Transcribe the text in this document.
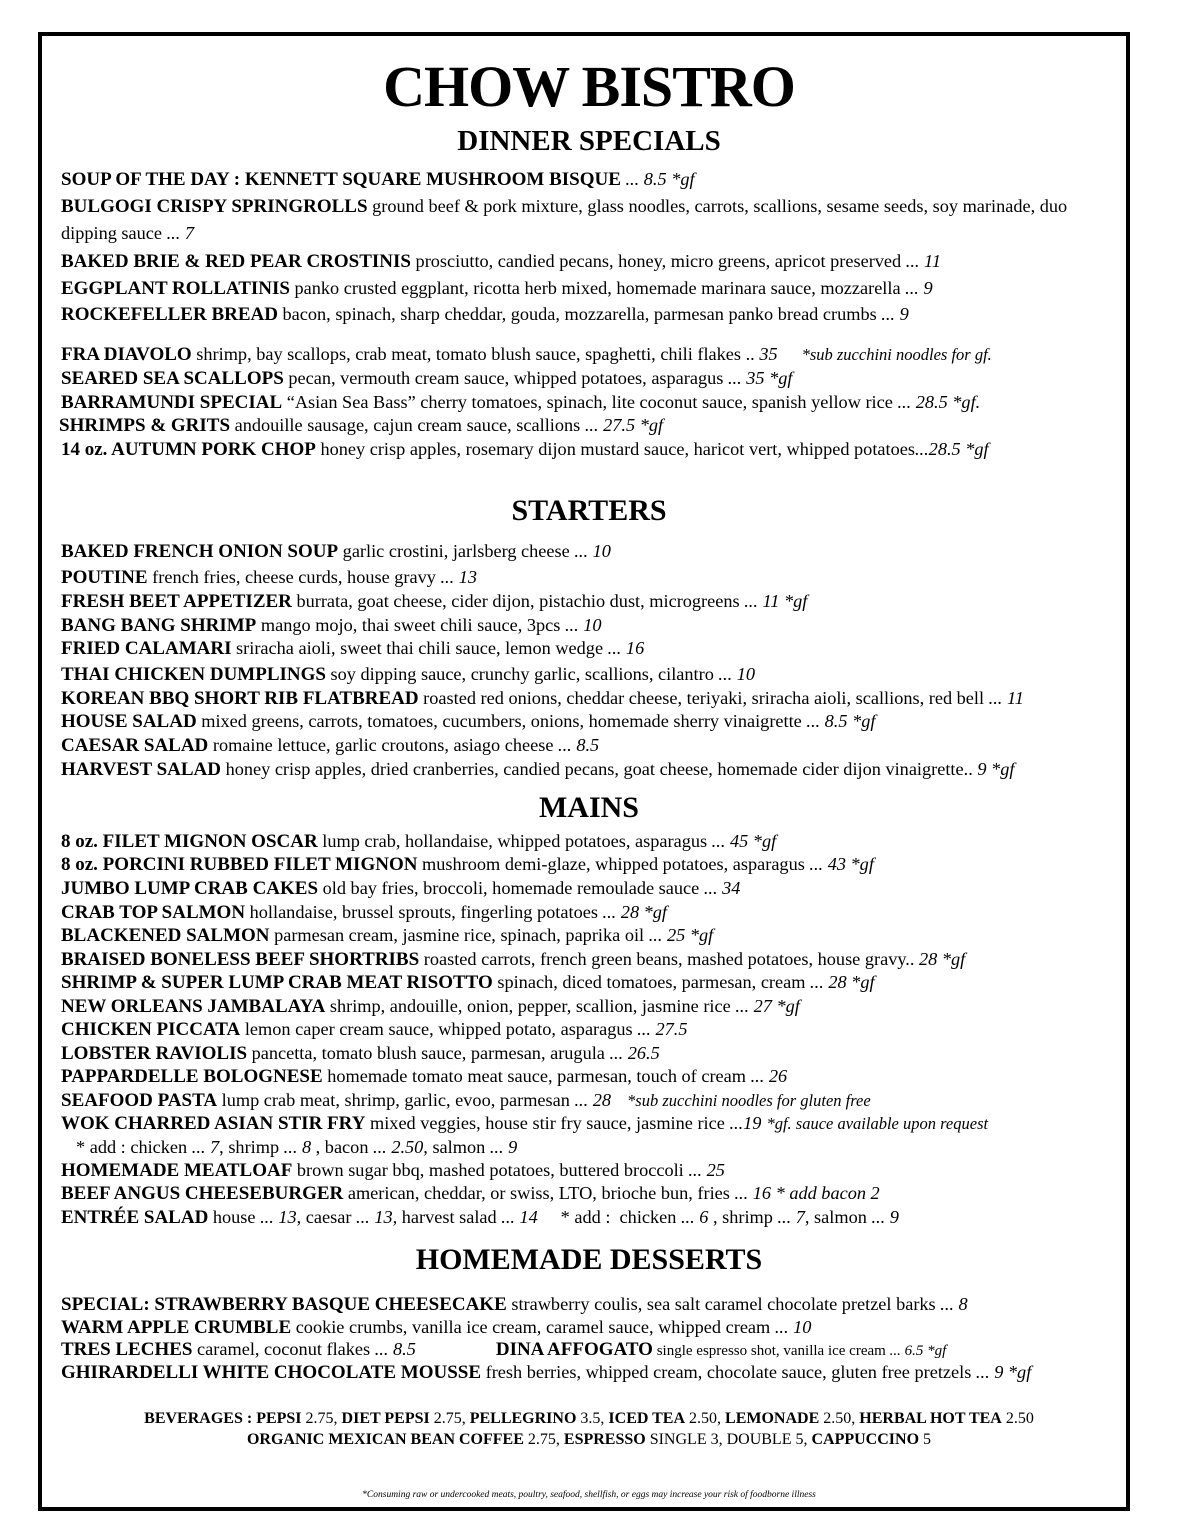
CHOW BISTRO
DINNER SPECIALS
SOUP OF THE DAY : KENNETT SQUARE MUSHROOM BISQUE ... 8.5 *gf
BULGOGI CRISPY SPRINGROLLS ground beef & pork mixture, glass noodles, carrots, scallions, sesame seeds, soy marinade, duo dipping sauce ... 7
BAKED BRIE & RED PEAR CROSTINIS prosciutto, candied pecans, honey, micro greens, apricot preserved ... 11
EGGPLANT ROLLATINIS panko crusted eggplant, ricotta herb mixed, homemade marinara sauce, mozzarella ... 9
ROCKEFELLER BREAD bacon, spinach, sharp cheddar, gouda, mozzarella, parmesan panko bread crumbs ... 9
FRA DIAVOLO shrimp, bay scallops, crab meat, tomato blush sauce, spaghetti, chili flakes .. 35 *sub zucchini noodles for gf.
SEARED SEA SCALLOPS pecan, vermouth cream sauce, whipped potatoes, asparagus ... 35 *gf
BARRAMUNDI SPECIAL “Asian Sea Bass” cherry tomatoes, spinach, lite coconut sauce, spanish yellow rice ... 28.5 *gf.
SHRIMPS & GRITS andouille sausage, cajun cream sauce, scallions ... 27.5 *gf
14 oz. AUTUMN PORK CHOP honey crisp apples, rosemary dijon mustard sauce, haricot vert, whipped potatoes...28.5 *gf
STARTERS
BAKED FRENCH ONION SOUP garlic crostini, jarlsberg cheese ... 10
POUTINE french fries, cheese curds, house gravy ... 13
FRESH BEET APPETIZER burrata, goat cheese, cider dijon, pistachio dust, microgreens ... 11 *gf
BANG BANG SHRIMP mango mojo, thai sweet chili sauce, 3pcs ... 10
FRIED CALAMARI sriracha aioli, sweet thai chili sauce, lemon wedge ... 16
THAI CHICKEN DUMPLINGS soy dipping sauce, crunchy garlic, scallions, cilantro ... 10
KOREAN BBQ SHORT RIB FLATBREAD roasted red onions, cheddar cheese, teriyaki, sriracha aioli, scallions, red bell ... 11
HOUSE SALAD mixed greens, carrots, tomatoes, cucumbers, onions, homemade sherry vinaigrette ... 8.5 *gf
CAESAR SALAD romaine lettuce, garlic croutons, asiago cheese ... 8.5
HARVEST SALAD honey crisp apples, dried cranberries, candied pecans, goat cheese, homemade cider dijon vinaigrette.. 9 *gf
MAINS
8 oz. FILET MIGNON OSCAR lump crab, hollandaise, whipped potatoes, asparagus ... 45 *gf
8 oz. PORCINI RUBBED FILET MIGNON mushroom demi-glaze, whipped potatoes, asparagus ... 43 *gf
JUMBO LUMP CRAB CAKES old bay fries, broccoli, homemade remoulade sauce ... 34
CRAB TOP SALMON hollandaise, brussel sprouts, fingerling potatoes ... 28 *gf
BLACKENED SALMON parmesan cream, jasmine rice, spinach, paprika oil ... 25 *gf
BRAISED BONELESS BEEF SHORTRIBS roasted carrots, french green beans, mashed potatoes, house gravy.. 28 *gf
SHRIMP & SUPER LUMP CRAB MEAT RISOTTO spinach, diced tomatoes, parmesan, cream ... 28 *gf
NEW ORLEANS JAMBALAYA shrimp, andouille, onion, pepper, scallion, jasmine rice ... 27 *gf
CHICKEN PICCATA lemon caper cream sauce, whipped potato, asparagus ... 27.5
LOBSTER RAVIOLIS pancetta, tomato blush sauce, parmesan, arugula ... 26.5
PAPPARDELLE BOLOGNESE homemade tomato meat sauce, parmesan, touch of cream ... 26
SEAFOOD PASTA lump crab meat, shrimp, garlic, evoo, parmesan ... 28 *sub zucchini noodles for gluten free
WOK CHARRED ASIAN STIR FRY mixed veggies, house stir fry sauce, jasmine rice ...19 *gf. sauce available upon request
* add : chicken ... 7, shrimp ... 8 , bacon ... 2.50, salmon ... 9
HOMEMADE MEATLOAF brown sugar bbq, mashed potatoes, buttered broccoli ... 25
BEEF ANGUS CHEESEBURGER american, cheddar, or swiss, LTO, brioche bun, fries ... 16 * add bacon 2
ENTRÉE SALAD house ... 13, caesar ... 13, harvest salad ... 14     * add :  chicken ... 6 , shrimp ... 7, salmon ... 9
HOMEMADE DESSERTS
SPECIAL: STRAWBERRY BASQUE CHEESECAKE strawberry coulis, sea salt caramel chocolate pretzel barks ... 8
WARM APPLE CRUMBLE cookie crumbs, vanilla ice cream, caramel sauce, whipped cream ... 10
TRES LECHES caramel, coconut flakes ... 8.5	DINA AFFOGATO single espresso shot, vanilla ice cream ... 6.5 *gf
GHIRARDELLI WHITE CHOCOLATE MOUSSE fresh berries, whipped cream, chocolate sauce, gluten free pretzels ... 9 *gf
BEVERAGES : PEPSI 2.75, DIET PEPSI 2.75, PELLEGRINO 3.5, ICED TEA 2.50, LEMONADE 2.50, HERBAL HOT TEA 2.50
ORGANIC MEXICAN BEAN COFFEE 2.75, ESPRESSO SINGLE 3, DOUBLE 5, CAPPUCCINO 5
*Consuming raw or undercooked meats, poultry, seafood, shellfish, or eggs may increase your risk of foodborne illness
